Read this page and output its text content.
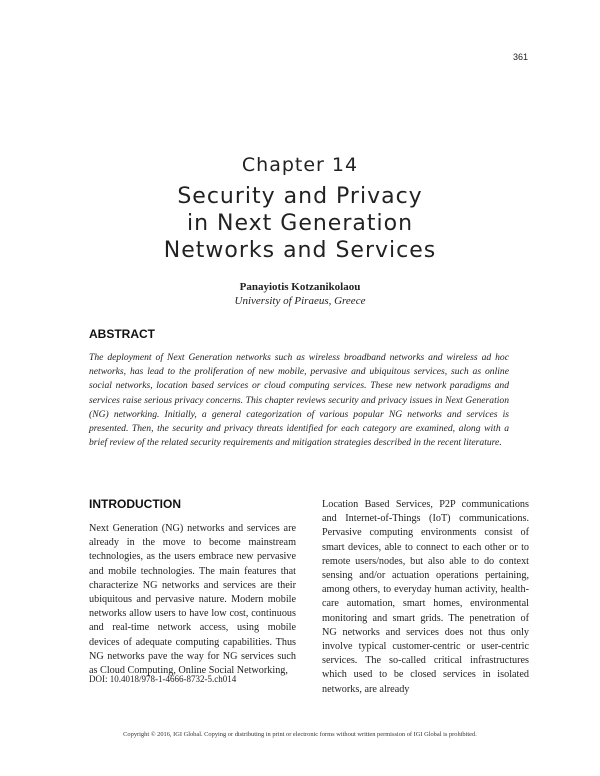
361
Chapter 14
Security and Privacy
in Next Generation
Networks and Services
Panayiotis Kotzanikolaou
University of Piraeus, Greece
ABSTRACT
The deployment of Next Generation networks such as wireless broadband networks and wireless ad hoc networks, has lead to the proliferation of new mobile, pervasive and ubiquitous services, such as online social networks, location based services or cloud computing services. These new network paradigms and services raise serious privacy concerns. This chapter reviews security and privacy issues in Next Generation (NG) networking. Initially, a general categorization of various popular NG networks and services is presented. Then, the security and privacy threats identified for each category are examined, along with a brief review of the related security requirements and mitigation strategies described in the recent literature.
INTRODUCTION

Next Generation (NG) networks and services are already in the move to become mainstream technologies, as the users embrace new pervasive and mobile technologies. The main features that characterize NG networks and services are their ubiquitous and pervasive nature. Modern mobile networks allow users to have low cost, continuous and real-time network access, using mobile devices of adequate computing capabilities. Thus NG networks pave the way for NG services such as Cloud Computing, Online Social Networking,

Location Based Services, P2P communications and Internet-of-Things (IoT) communications. Pervasive computing environments consist of smart devices, able to connect to each other or to remote users/nodes, but also able to do context sensing and/or actuation operations pertaining, among others, to everyday human activity, health-care automation, smart homes, environmental monitoring and smart grids. The penetration of NG networks and services does not thus only involve typical customer-centric or user-centric services. The so-called critical infrastructures which used to be closed services in isolated networks, are already

DOI: 10.4018/978-1-4666-8732-5.ch014
Copyright © 2016, IGI Global. Copying or distributing in print or electronic forms without written permission of IGI Global is prohibited.
